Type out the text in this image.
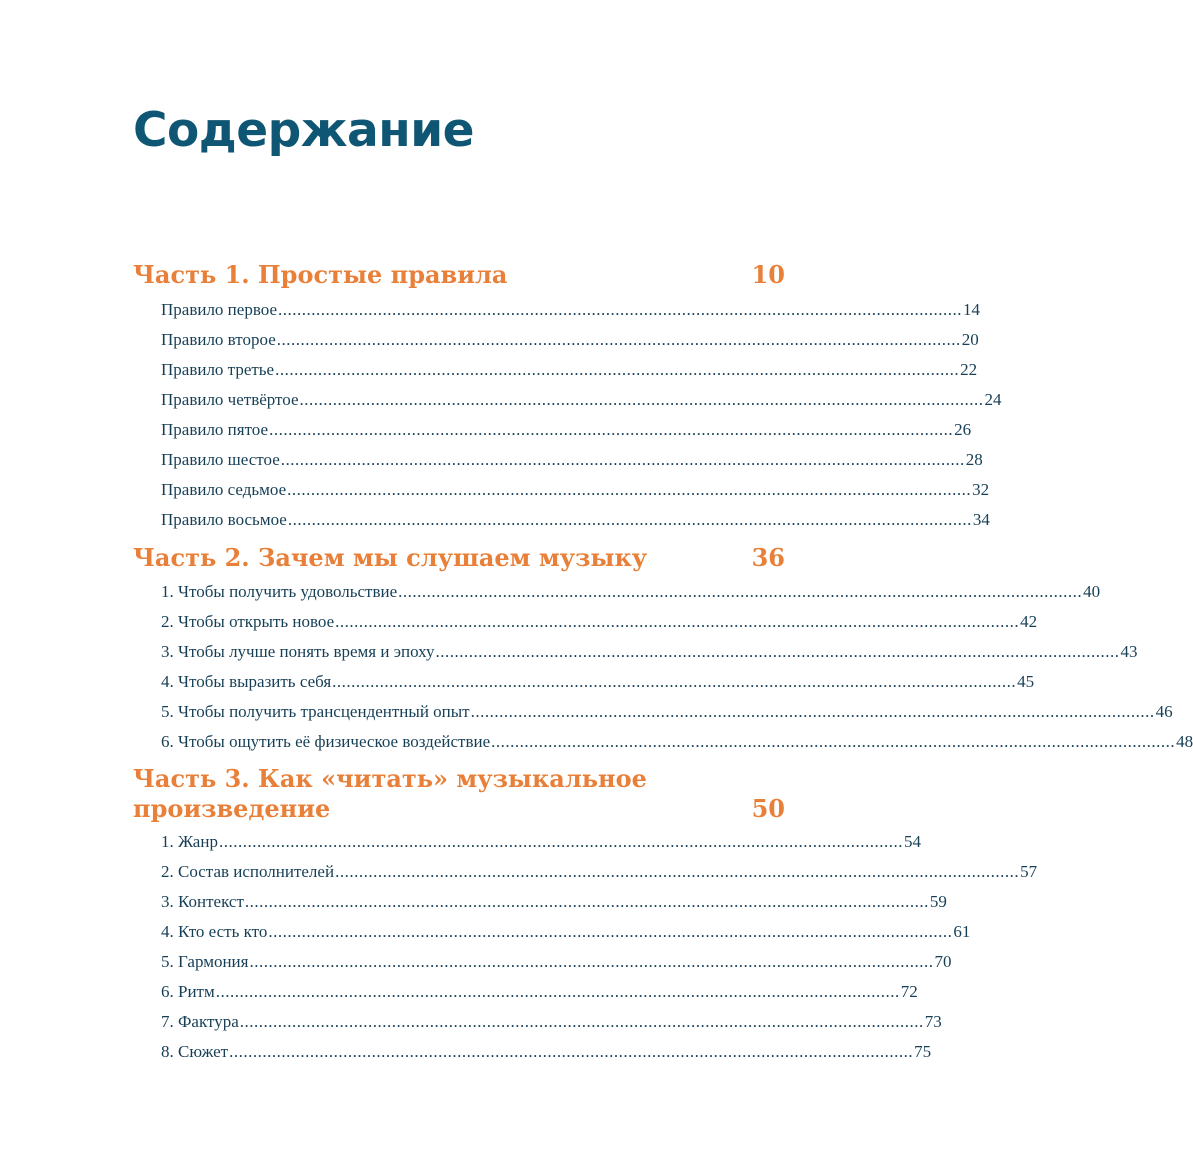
Содержание
Часть 1. Простые правила	10
Правило первое ................................................................................................................................................ 14
Правило второе ................................................................................................................................................ 20
Правило третье ................................................................................................................................................ 22
Правило четвёртое ................................................................................................................................................ 24
Правило пятое ................................................................................................................................................ 26
Правило шестое ................................................................................................................................................ 28
Правило седьмое ................................................................................................................................................ 32
Правило восьмое ................................................................................................................................................ 34
Часть 2. Зачем мы слушаем музыку	36
1. Чтобы получить удовольствие ................................................................................................................................................ 40
2. Чтобы открыть новое ................................................................................................................................................ 42
3. Чтобы лучше понять время и эпоху ................................................................................................................................................ 43
4. Чтобы выразить себя ................................................................................................................................................ 45
5. Чтобы получить трансцендентный опыт ................................................................................................................................................ 46
6. Чтобы ощутить её физическое воздействие ................................................................................................................................................ 48
Часть 3. Как «читать» музыкальное
произведение	50
1. Жанр ................................................................................................................................................ 54
2. Состав исполнителей ................................................................................................................................................ 57
3. Контекст ................................................................................................................................................ 59
4. Кто есть кто ................................................................................................................................................ 61
5. Гармония ................................................................................................................................................ 70
6. Ритм ................................................................................................................................................ 72
7. Фактура ................................................................................................................................................ 73
8. Сюжет ................................................................................................................................................ 75
